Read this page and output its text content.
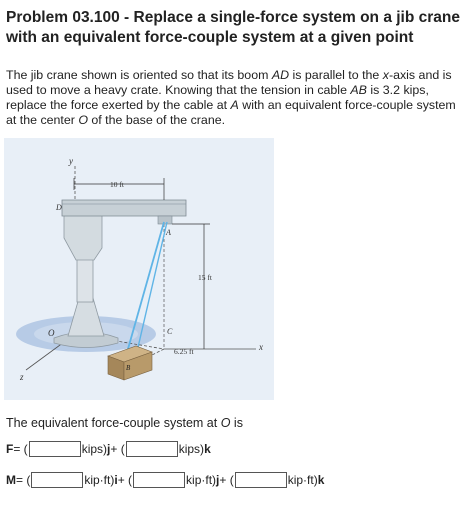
Problem 03.100 - Replace a single-force system on a jib crane with an equivalent force-couple system at a given point
The jib crane shown is oriented so that its boom AD is parallel to the x-axis and is used to move a heavy crate. Knowing that the tension in cable AB is 3.2 kips, replace the force exerted by the cable at A with an equivalent force-couple system at the center O of the base of the crane.
y
D
A
10 ft
15 ft
C
6.25 ft	x
O
z
B
The equivalent force-couple system at O is
F = (	kips) j + (	kips) k
M = (	kip·ft) i + (	kip·ft) j + (	kip·ft) k
